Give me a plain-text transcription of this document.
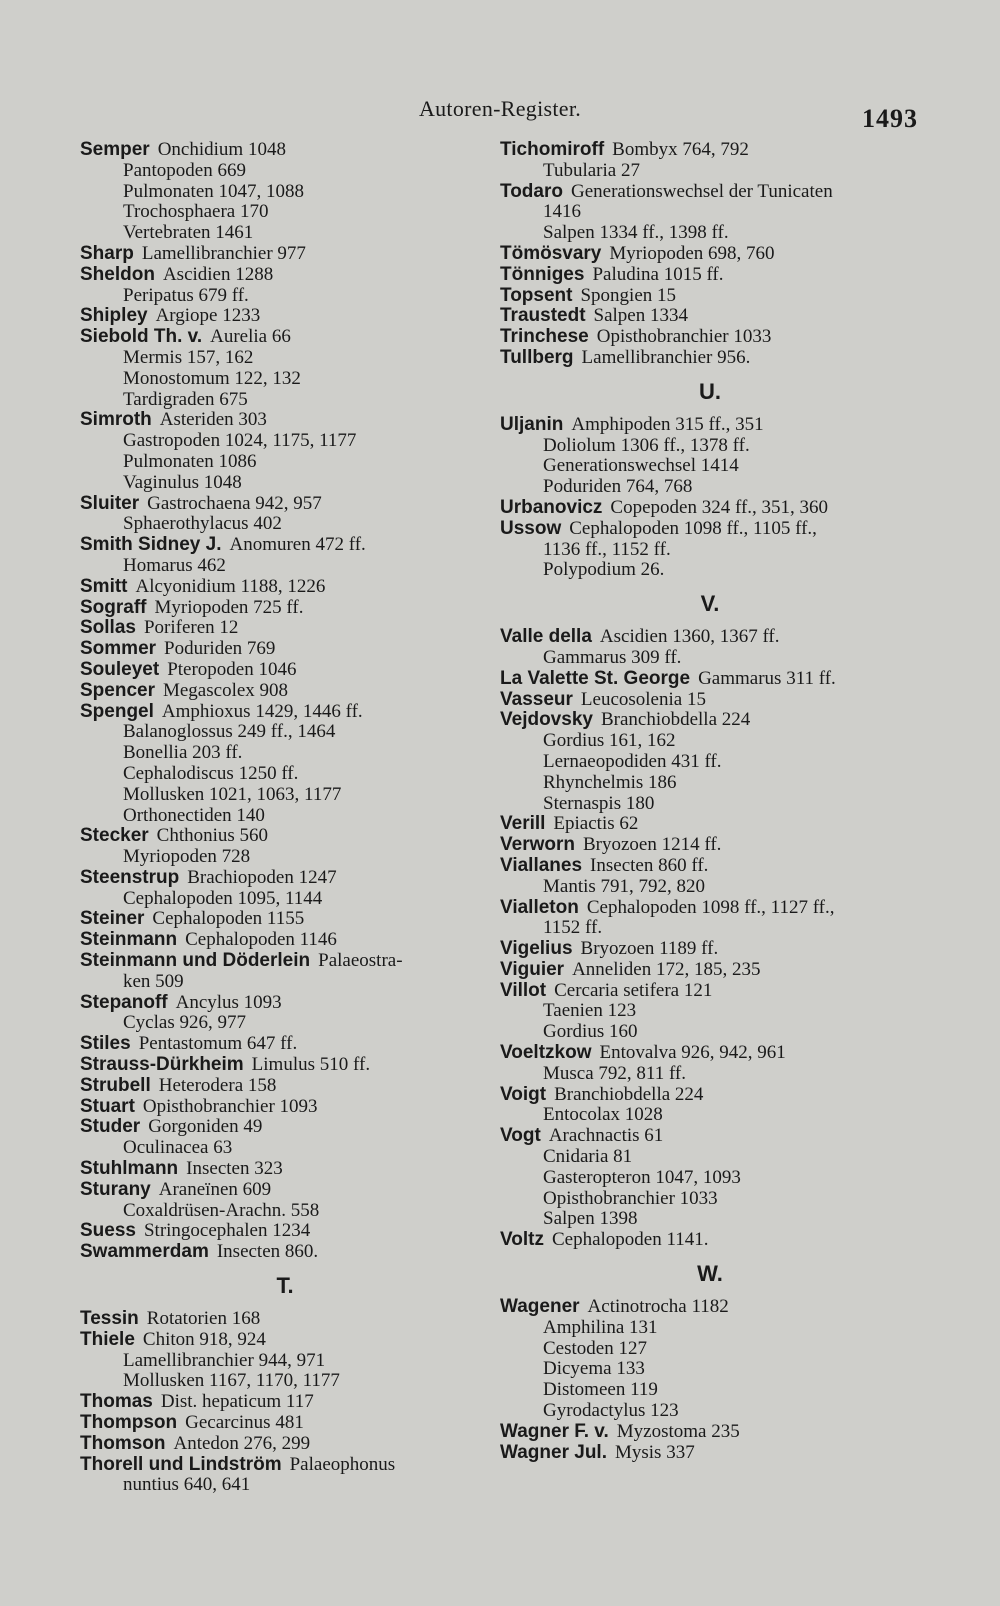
Autoren-Register.	1493
Semper Onchidium 1048
Pantopoden 669
Pulmonaten 1047, 1088
Trochosphaera 170
Vertebraten 1461
Sharp Lamellibranchier 977
Sheldon Ascidien 1288
Peripatus 679 ff.
Shipley Argiope 1233
Siebold Th. v. Aurelia 66
Mermis 157, 162
Monostomum 122, 132
Tardigraden 675
Simroth Asteriden 303
Gastropoden 1024, 1175, 1177
Pulmonaten 1086
Vaginulus 1048
Sluiter Gastrochaena 942, 957
Sphaerothylacus 402
Smith Sidney J. Anomuren 472 ff.
Homarus 462
Smitt Alcyonidium 1188, 1226
Sograff Myriopoden 725 ff.
Sollas Poriferen 12
Sommer Poduriden 769
Souleyet Pteropoden 1046
Spencer Megascolex 908
Spengel Amphioxus 1429, 1446 ff.
Balanoglossus 249 ff., 1464
Bonellia 203 ff.
Cephalodiscus 1250 ff.
Mollusken 1021, 1063, 1177
Orthonectiden 140
Stecker Chthonius 560
Myriopoden 728
Steenstrup Brachiopoden 1247
Cephalopoden 1095, 1144
Steiner Cephalopoden 1155
Steinmann Cephalopoden 1146
Steinmann und Döderlein Palaeostra-
ken 509
Stepanoff Ancylus 1093
Cyclas 926, 977
Stiles Pentastomum 647 ff.
Strauss-Dürkheim Limulus 510 ff.
Strubell Heterodera 158
Stuart Opisthobranchier 1093
Studer Gorgoniden 49
Oculinacea 63
Stuhlmann Insecten 323
Sturany Araneïnen 609
Coxaldrüsen-Arachn. 558
Suess Stringocephalen 1234
Swammerdam Insecten 860.
T.
Tessin Rotatorien 168
Thiele Chiton 918, 924
Lamellibranchier 944, 971
Mollusken 1167, 1170, 1177
Thomas Dist. hepaticum 117
Thompson Gecarcinus 481
Thomson Antedon 276, 299
Thorell und Lindström Palaeophonus
nuntius 640, 641
Tichomiroff Bombyx 764, 792
Tubularia 27
Todaro Generationswechsel der Tunicaten
1416
Salpen 1334 ff., 1398 ff.
Tömösvary Myriopoden 698, 760
Tönniges Paludina 1015 ff.
Topsent Spongien 15
Traustedt Salpen 1334
Trinchese Opisthobranchier 1033
Tullberg Lamellibranchier 956.
U.
Uljanin Amphipoden 315 ff., 351
Doliolum 1306 ff., 1378 ff.
Generationswechsel 1414
Poduriden 764, 768
Urbanovicz Copepoden 324 ff., 351, 360
Ussow Cephalopoden 1098 ff., 1105 ff.,
1136 ff., 1152 ff.
Polypodium 26.
V.
Valle della Ascidien 1360, 1367 ff.
Gammarus 309 ff.
La Valette St. George Gammarus 311 ff.
Vasseur Leucosolenia 15
Vejdovsky Branchiobdella 224
Gordius 161, 162
Lernaeopodiden 431 ff.
Rhynchelmis 186
Sternaspis 180
Verill Epiactis 62
Verworn Bryozoen 1214 ff.
Viallanes Insecten 860 ff.
Mantis 791, 792, 820
Vialleton Cephalopoden 1098 ff., 1127 ff.,
1152 ff.
Vigelius Bryozoen 1189 ff.
Viguier Anneliden 172, 185, 235
Villot Cercaria setifera 121
Taenien 123
Gordius 160
Voeltzkow Entovalva 926, 942, 961
Musca 792, 811 ff.
Voigt Branchiobdella 224
Entocolax 1028
Vogt Arachnactis 61
Cnidaria 81
Gasteropteron 1047, 1093
Opisthobranchier 1033
Salpen 1398
Voltz Cephalopoden 1141.
W.
Wagener Actinotrocha 1182
Amphilina 131
Cestoden 127
Dicyema 133
Distomeen 119
Gyrodactylus 123
Wagner F. v. Myzostoma 235
Wagner Jul. Mysis 337
